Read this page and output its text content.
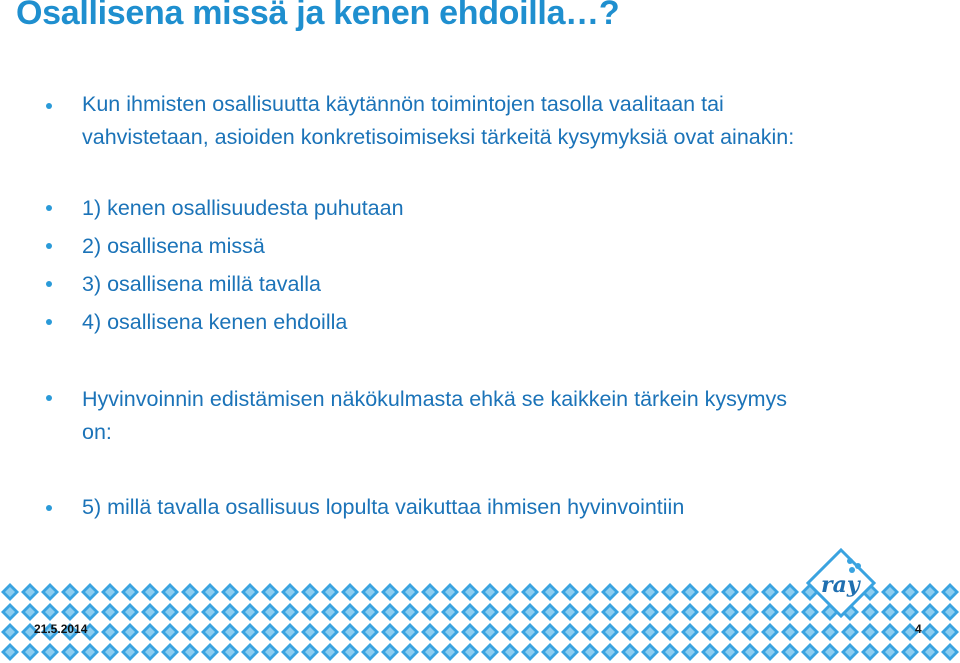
Osallisena missä ja kenen ehdoilla…?
Kun ihmisten osallisuutta käytännön toimintojen tasolla vaalitaan tai vahvistetaan, asioiden konkretisoimiseksi tärkeitä kysymyksiä ovat ainakin:
1) kenen osallisuudesta puhutaan
2) osallisena missä
3) osallisena millä tavalla
4) osallisena kenen ehdoilla
Hyvinvoinnin edistämisen näkökulmasta ehkä se kaikkein tärkein kysymys on:
5) millä tavalla osallisuus lopulta vaikuttaa ihmisen hyvinvointiin
ray
21.5.2014	4
